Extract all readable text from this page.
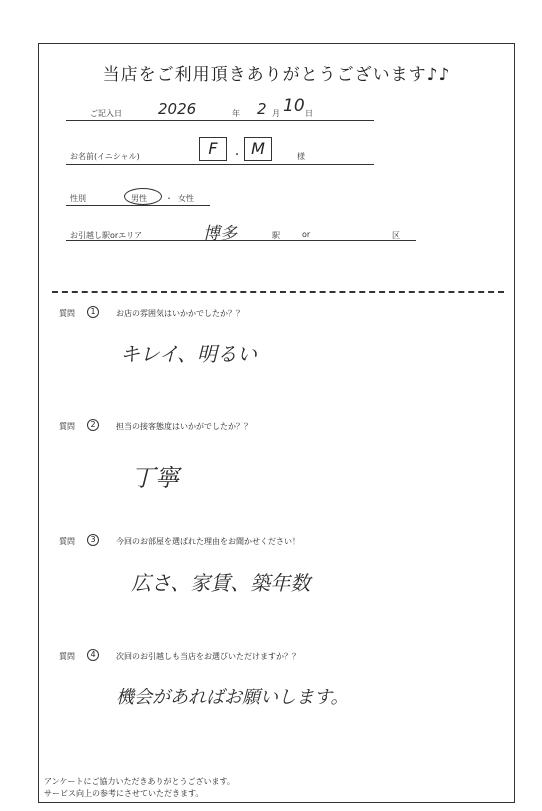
当店をご利用頂きありがとうございます♪♪
ご記入日 2026	年 2 月 10 日
お名前(イニシャル)	F	・ M	様
性別	男性 ・ 女性
お引越し駅orエリア	博多	駅	or	区
質問	1	お店の雰囲気はいかかでしたか？？
キレイ、明るい
質問	2	担当の接客態度はいかがでしたか？？
丁寧
質問	3	今回のお部屋を選ばれた理由をお聞かせください！
広さ、家賃、築年数
質問	4	次回のお引越しも当店をお選びいただけますか？？
機会があればお願いします。
アンケートにご協力いただきありがとうございます。
サービス向上の参考にさせていただきます。
